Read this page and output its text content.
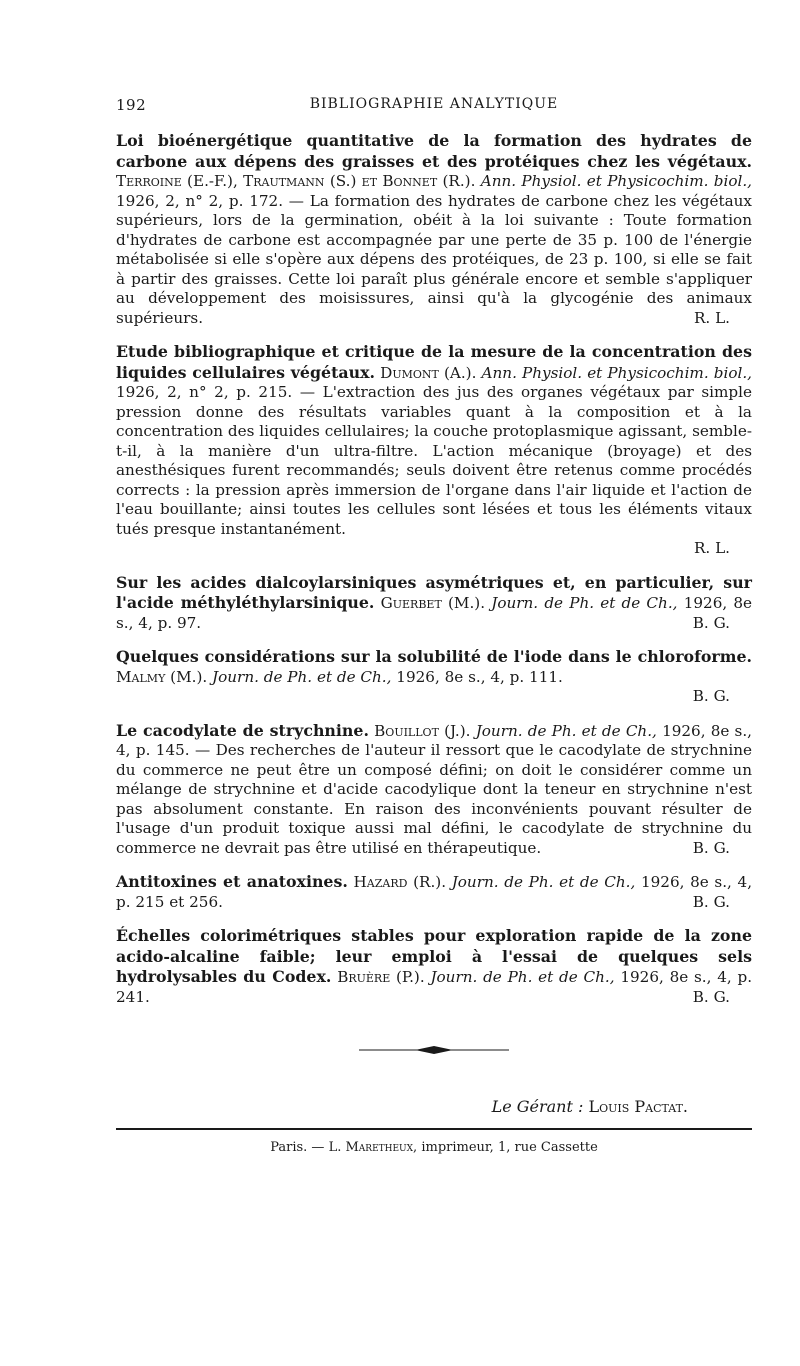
192	BIBLIOGRAPHIE ANALYTIQUE

Loi bioénergétique quantitative de la formation des hydrates de carbone aux dépens des graisses et des protéiques chez les végétaux. Terroine (E.-F.), Trautmann (S.) et Bonnet (R.). Ann. Physiol. et Physicochim. biol., 1926, 2, n° 2, p. 172. — La formation des hydrates de carbone chez les végétaux supérieurs, lors de la germination, obéit à la loi suivante : Toute formation d'hydrates de carbone est accompagnée par une perte de 35 p. 100 de l'énergie métabolisée si elle s'opère aux dépens des protéiques, de 23 p. 100, si elle se fait à partir des graisses. Cette loi paraît plus générale encore et semble s'appliquer au développement des moisissures, ainsi qu'à la glycogénie des animaux supérieurs.	R. L.

Etude bibliographique et critique de la mesure de la concentration des liquides cellulaires végétaux. Dumont (A.). Ann. Physiol. et Physicochim. biol., 1926, 2, n° 2, p. 215. — L'extraction des jus des organes végétaux par simple pression donne des résultats variables quant à la composition et à la concentration des liquides cellulaires; la couche protoplasmique agissant, semble-t-il, à la manière d'un ultra-filtre. L'action mécanique (broyage) et des anesthésiques furent recommandés; seuls doivent être retenus comme procédés corrects : la pression après immersion de l'organe dans l'air liquide et l'action de l'eau bouillante; ainsi toutes les cellules sont lésées et tous les éléments vitaux tués presque instantanément.
R. L.

Sur les acides dialcoylarsiniques asymétriques et, en particulier, sur l'acide méthyléthylarsinique. Guerbet (M.). Journ. de Ph. et de Ch., 1926, 8e s., 4, p. 97.	B. G.

Quelques considérations sur la solubilité de l'iode dans le chloroforme. Malmy (M.). Journ. de Ph. et de Ch., 1926, 8e s., 4, p. 111.
B. G.

Le cacodylate de strychnine. Bouillot (J.). Journ. de Ph. et de Ch., 1926, 8e s., 4, p. 145. — Des recherches de l'auteur il ressort que le cacodylate de strychnine du commerce ne peut être un composé défini; on doit le considérer comme un mélange de strychnine et d'acide cacodylique dont la teneur en strychnine n'est pas absolument constante. En raison des inconvénients pouvant résulter de l'usage d'un produit toxique aussi mal défini, le cacodylate de strychnine du commerce ne devrait pas être utilisé en thérapeutique.	B. G.

Antitoxines et anatoxines. Hazard (R.). Journ. de Ph. et de Ch., 1926, 8e s., 4, p. 215 et 256.	B. G.

Échelles colorimétriques stables pour exploration rapide de la zone acido-alcaline faible; leur emploi à l'essai de quelques sels hydrolysables du Codex. Bruère (P.). Journ. de Ph. et de Ch., 1926, 8e s., 4, p. 241.	B. G.

Le Gérant : Louis Pactat.
Paris. — L. Maretheux, imprimeur, 1, rue Cassette
